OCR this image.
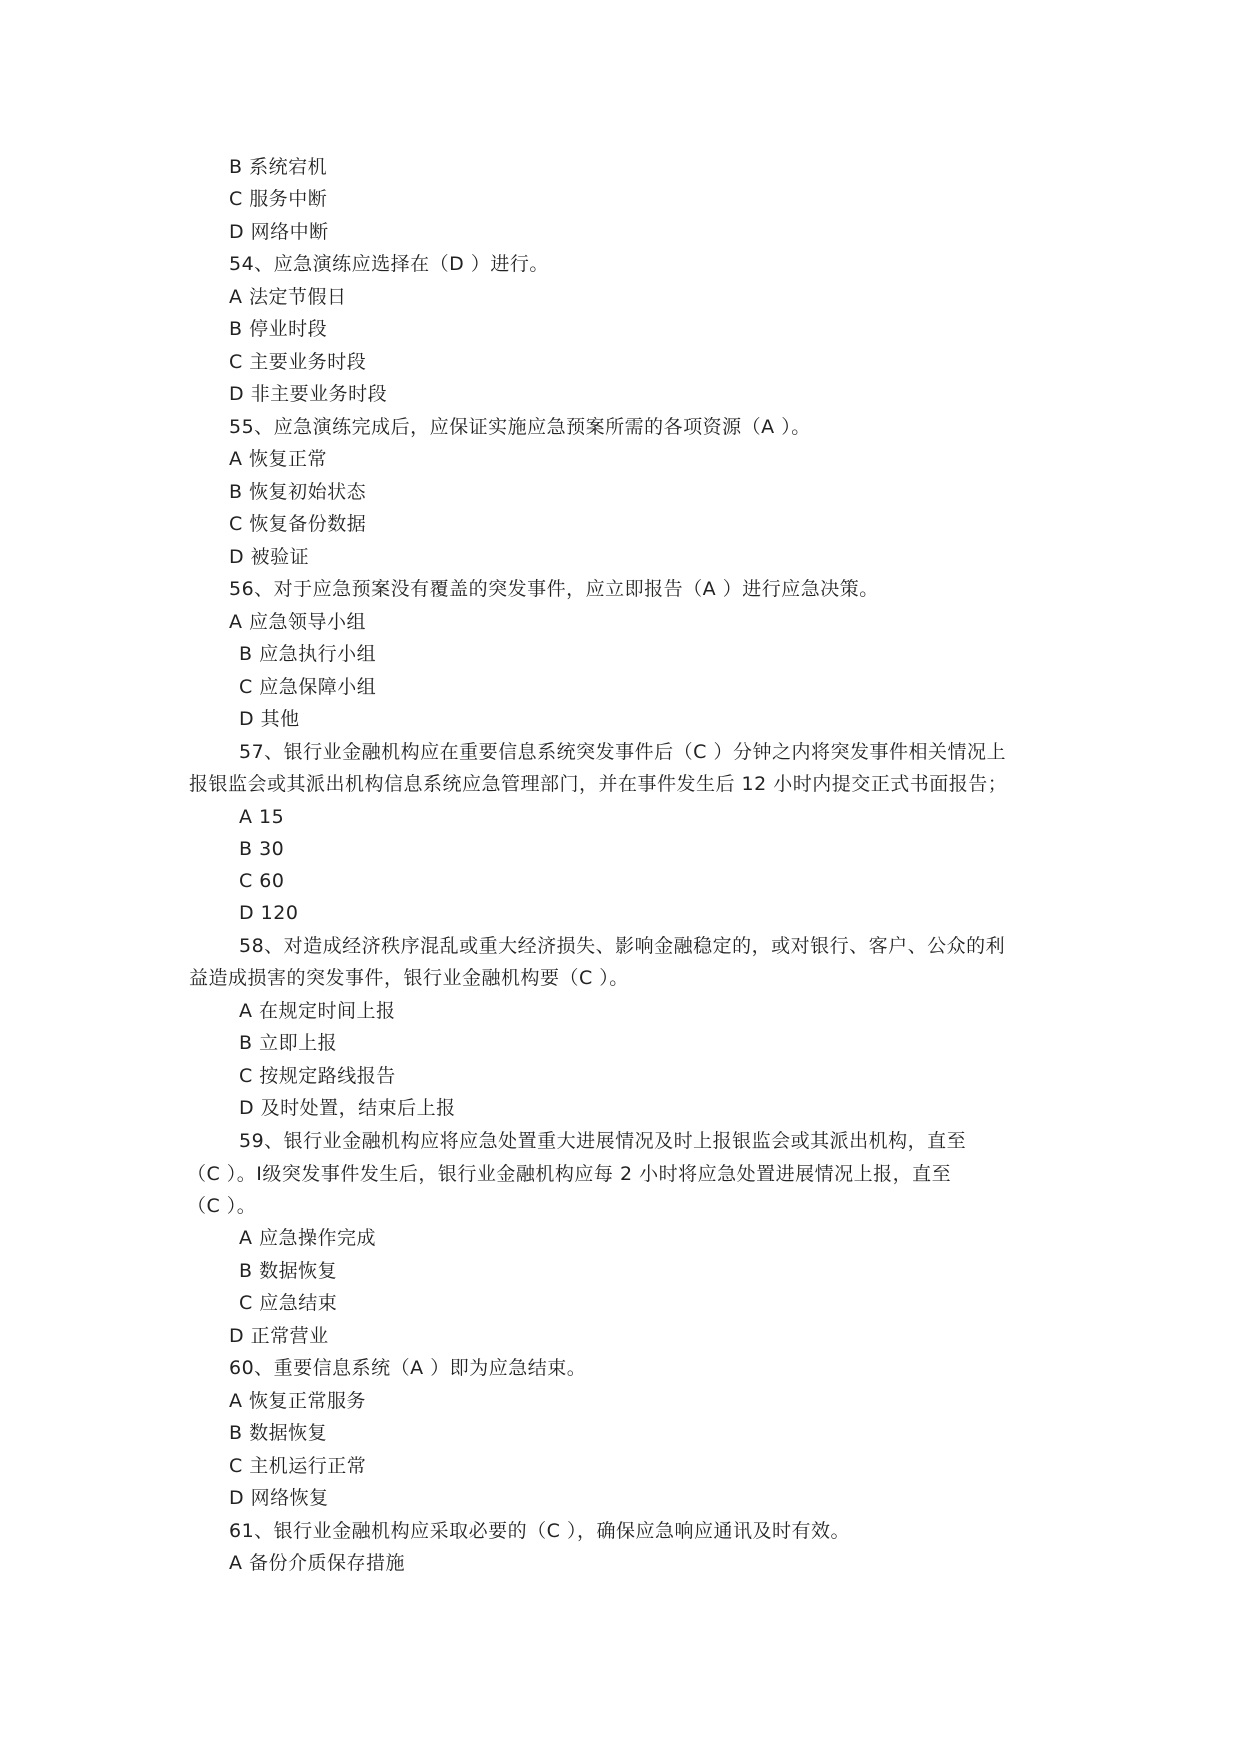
B 系统宕机
C 服务中断
D 网络中断
54、应急演练应选择在（D ）进行。
A 法定节假日
B 停业时段
C 主要业务时段
D 非主要业务时段
55、应急演练完成后，应保证实施应急预案所需的各项资源（A ）。
A 恢复正常
B 恢复初始状态
C 恢复备份数据
D 被验证
56、对于应急预案没有覆盖的突发事件，应立即报告（A ）进行应急决策。
A 应急领导小组
B 应急执行小组
C 应急保障小组
D 其他
57、银行业金融机构应在重要信息系统突发事件后（C ）分钟之内将突发事件相关情况上
报银监会或其派出机构信息系统应急管理部门，并在事件发生后 12 小时内提交正式书面报告；
A 15
B 30
C 60
D 120
58、对造成经济秩序混乱或重大经济损失、影响金融稳定的，或对银行、客户、公众的利
益造成损害的突发事件，银行业金融机构要（C ）。
A 在规定时间上报
B 立即上报
C 按规定路线报告
D 及时处置，结束后上报
59、银行业金融机构应将应急处置重大进展情况及时上报银监会或其派出机构，直至
（C ）。Ⅰ级突发事件发生后，银行业金融机构应每 2 小时将应急处置进展情况上报，直至
（C ）。
A 应急操作完成
B 数据恢复
C 应急结束
D 正常营业
60、重要信息系统（A ）即为应急结束。
A 恢复正常服务
B 数据恢复
C 主机运行正常
D 网络恢复
61、银行业金融机构应采取必要的（C ），确保应急响应通讯及时有效。
A 备份介质保存措施
